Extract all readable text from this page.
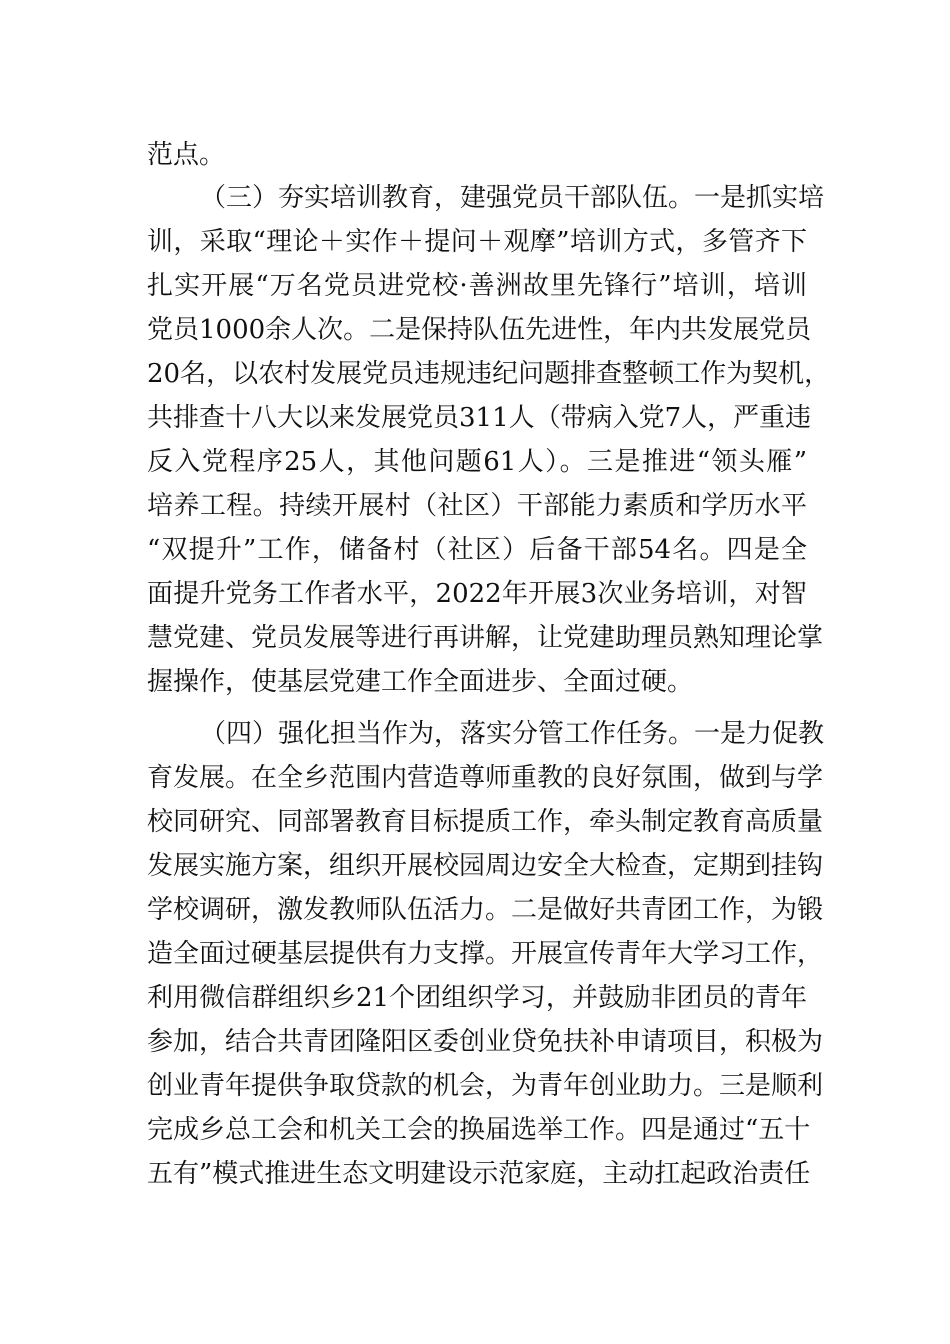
范点。
（三）夯实培训教育，建强党员干部队伍。一是抓实培
训，采取“理论＋实作＋提问＋观摩”培训方式，多管齐下
扎实开展“万名党员进党校·善洲故里先锋行”培训，培训
党员1000余人次。二是保持队伍先进性，年内共发展党员
20名，以农村发展党员违规违纪问题排查整顿工作为契机，
共排查十八大以来发展党员311人（带病入党7人，严重违
反入党程序25人，其他问题61人）。三是推进“领头雁”
培养工程。持续开展村（社区）干部能力素质和学历水平
“双提升”工作，储备村（社区）后备干部54名。四是全
面提升党务工作者水平，2022年开展3次业务培训，对智
慧党建、党员发展等进行再讲解，让党建助理员熟知理论掌
握操作，使基层党建工作全面进步、全面过硬。
（四）强化担当作为，落实分管工作任务。一是力促教
育发展。在全乡范围内营造尊师重教的良好氛围，做到与学
校同研究、同部署教育目标提质工作，牵头制定教育高质量
发展实施方案，组织开展校园周边安全大检查，定期到挂钩
学校调研，激发教师队伍活力。二是做好共青团工作，为锻
造全面过硬基层提供有力支撑。开展宣传青年大学习工作，
利用微信群组织乡21个团组织学习，并鼓励非团员的青年
参加，结合共青团隆阳区委创业贷免扶补申请项目，积极为
创业青年提供争取贷款的机会，为青年创业助力。三是顺利
完成乡总工会和机关工会的换届选举工作。四是通过“五十
五有”模式推进生态文明建设示范家庭，主动扛起政治责任
